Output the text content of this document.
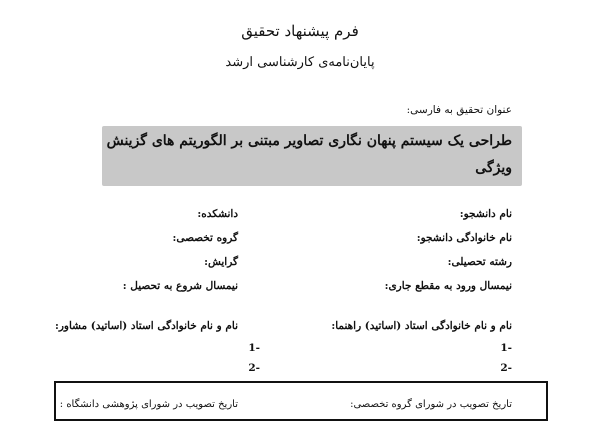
فرم پیشنهاد تحقیق
پایان‌نامه‌ی کارشناسی ارشد
عنوان تحقیق به فارسی:
طراحی یک سیستم پنهان نگاری تصاویر مبتنی بر الگوریتم های گزینش ویژگی
نام دانشجو:
نام خانوادگی دانشجو:
رشته تحصیلی:
نیمسال ورود به مقطع جاری:
دانشکده:
گروه تخصصی:
گرایش:
نیمسال شروع به تحصیل :
نام و نام خانوادگی استاد (اساتید) راهنما:
نام و نام خانوادگی استاد (اساتید) مشاور:
1-
2-
1-
2-
تاریخ تصویب در شورای گروه تخصصی:
تاریخ تصویب در شورای پژوهشی دانشگاه :
